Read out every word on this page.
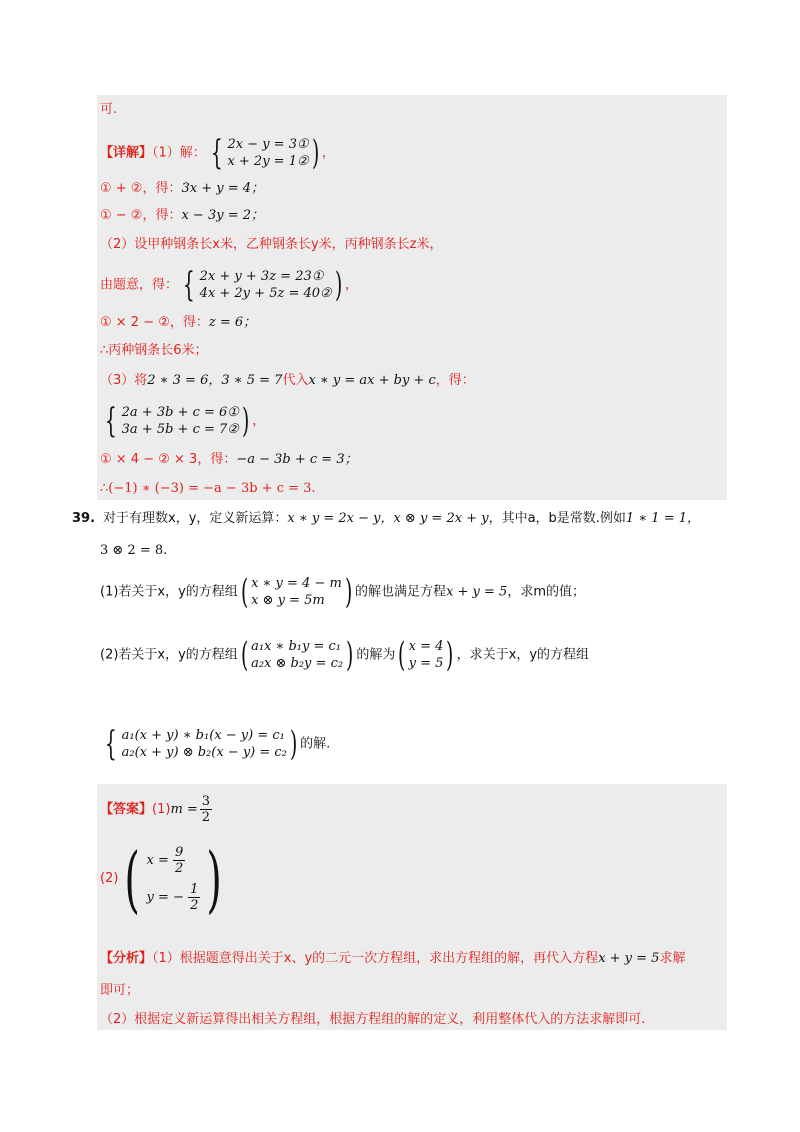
可.
【详解】（1）解： { 2x − y = 3①
x + 2y = 1② ) ，
① + ②，得：3x + y = 4；
① − ②，得：x − 3y = 2；
（2）设甲种钢条长x米，乙种钢条长y米，丙种钢条长z米，
由题意，得： { 2x + y + 3z = 23①
4x + 2y + 5z = 40② ) ，
① × 2 − ②，得：z = 6；
∴丙种钢条长6米；
（3）将2 ∗ 3 = 6，3 ∗ 5 = 7代入x ∗ y = ax + by + c，得：
{ 2a + 3b + c = 6①
3a + 5b + c = 7② ) ，
① × 4 − ② × 3，得：−a − 3b + c = 3；
∴(−1) ∗ (−3) = −a − 3b + c = 3.
39. 对于有理数x，y，定义新运算：x ∗ y = 2x − y，x ⊗ y = 2x + y，其中a，b是常数.例如1 ∗ 1 = 1，
3 ⊗ 2 = 8.
(1)若关于x，y的方程组 ( x ∗ y = 4 − m
x ⊗ y = 5m ) 的解也满足方程x + y = 5，求m的值；
(2)若关于x，y的方程组 ( a₁x ∗ b₁y = c₁
a₂x ⊗ b₂y = c₂ ) 的解为 ( x = 4
y = 5 ) ，求关于x，y的方程组
{ a₁(x + y) ∗ b₁(x − y) = c₁
a₂(x + y) ⊗ b₂(x − y) = c₂ ) 的解.
【答案】$(1)m = \frac{3}{2}$
(2) ( $x = \frac{9}{2}$
y = − $\frac{1}{2}$ )
【分析】（1）根据题意得出关于x、y的二元一次方程组，求出方程组的解，再代入方程x + y = 5求解
即可；
（2）根据定义新运算得出相关方程组，根据方程组的解的定义，利用整体代入的方法求解即可.
